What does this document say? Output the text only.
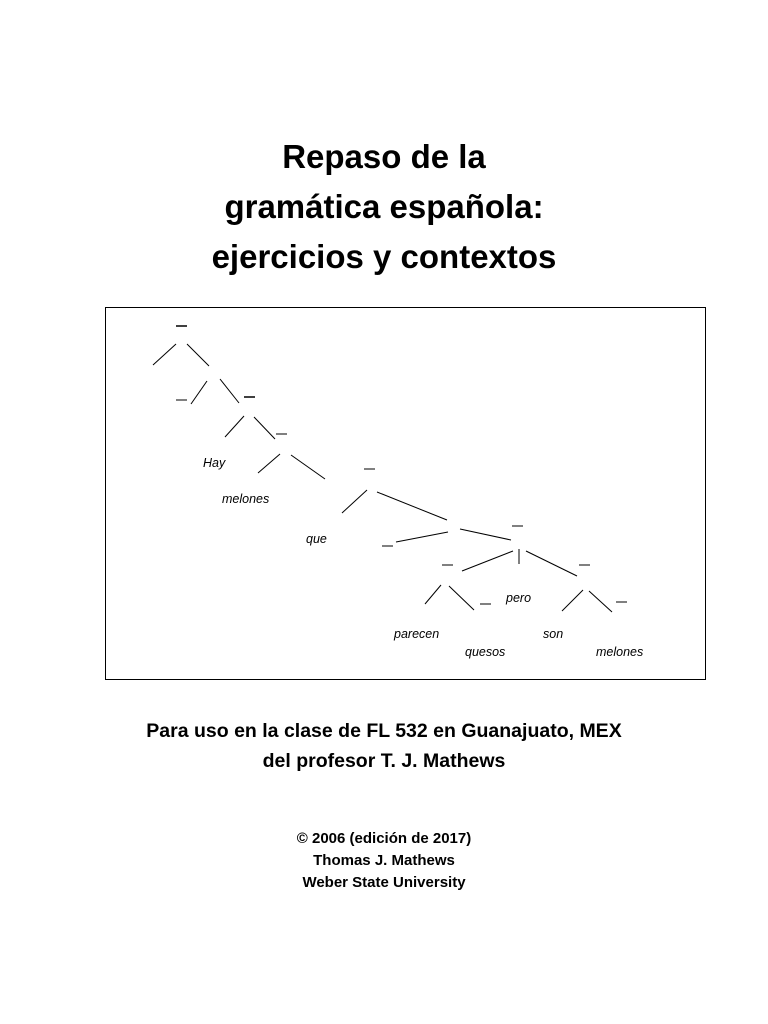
Repaso de la
gramática española:
ejercicios y contextos
Hay
melones
que
pero
parecen	son
quesos	melones
Para uso en la clase de FL 532 en Guanajuato, MEX
del profesor T. J. Mathews
© 2006 (edición de 2017)
Thomas J. Mathews
Weber State University
